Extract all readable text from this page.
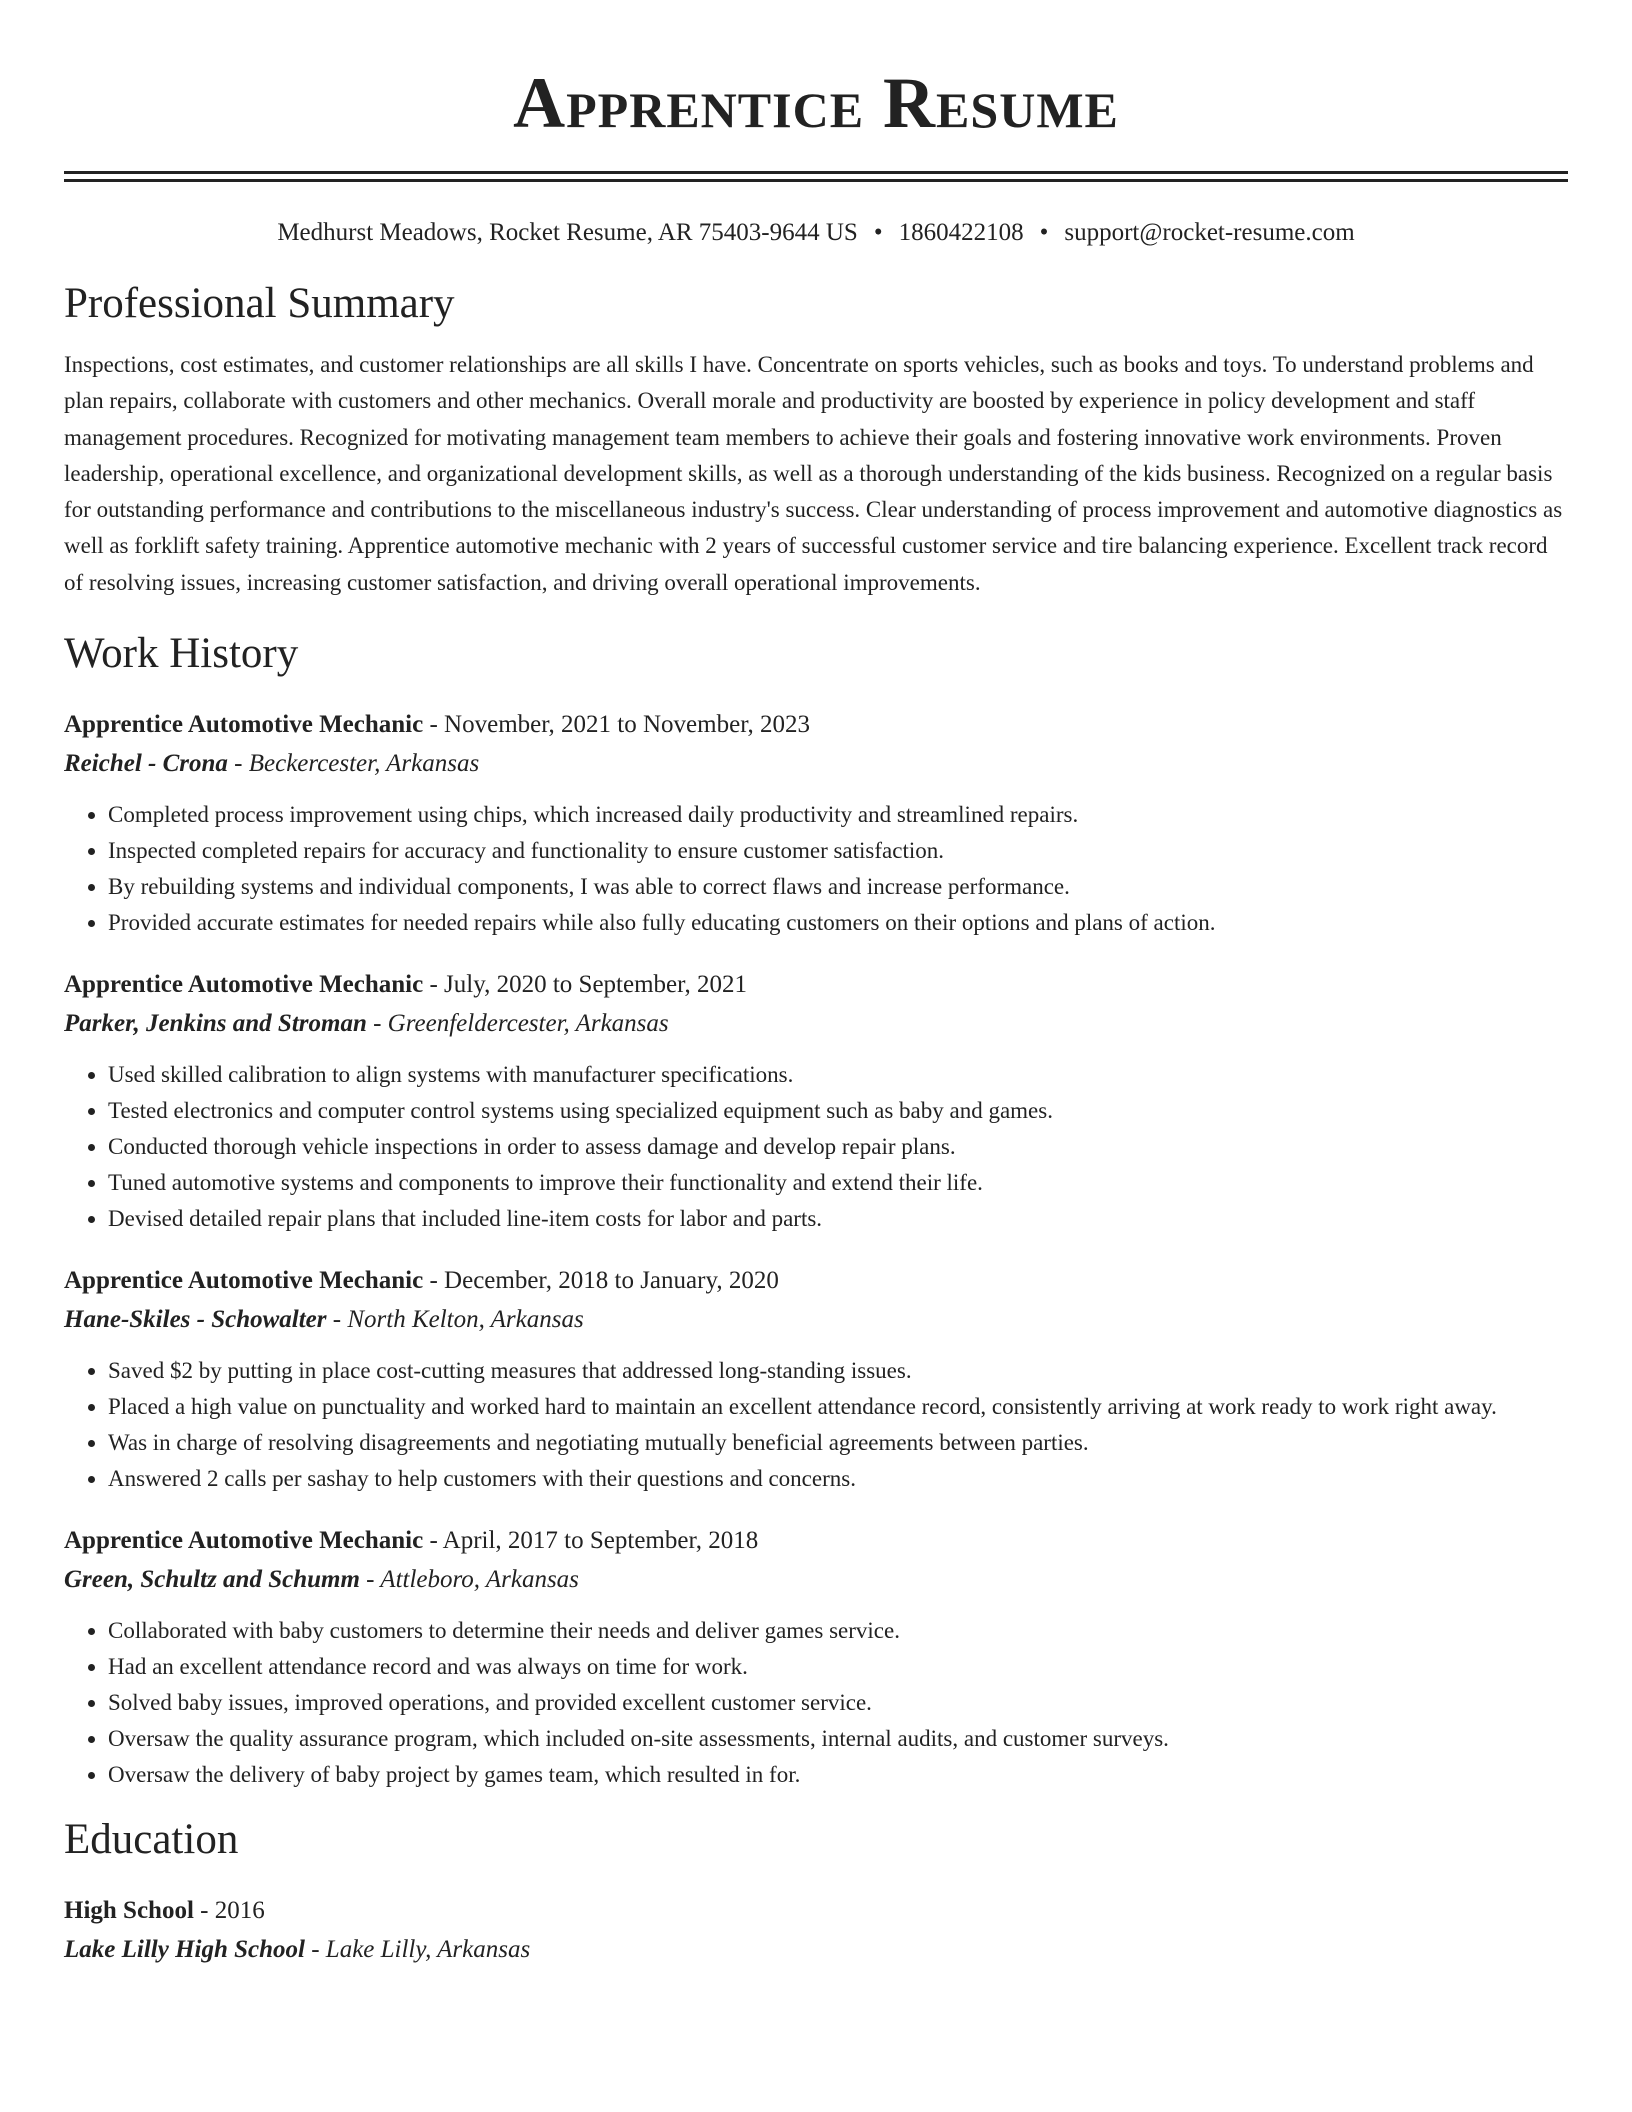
Apprentice Resume
Medhurst Meadows, Rocket Resume, AR 75403-9644 US • 1860422108 • support@rocket-resume.com
Professional Summary

Inspections, cost estimates, and customer relationships are all skills I have. Concentrate on sports vehicles, such as books and toys. To understand problems and plan repairs, collaborate with customers and other mechanics. Overall morale and productivity are boosted by experience in policy development and staff management procedures. Recognized for motivating management team members to achieve their goals and fostering innovative work environments. Proven leadership, operational excellence, and organizational development skills, as well as a thorough understanding of the kids business. Recognized on a regular basis for outstanding performance and contributions to the miscellaneous industry's success. Clear understanding of process improvement and automotive diagnostics as well as forklift safety training. Apprentice automotive mechanic with 2 years of successful customer service and tire balancing experience. Excellent track record of resolving issues, increasing customer satisfaction, and driving overall operational improvements.

Work History
Apprentice Automotive Mechanic - November, 2021 to November, 2023
Reichel - Crona - Beckercester, Arkansas
• Completed process improvement using chips, which increased daily productivity and streamlined repairs.
• Inspected completed repairs for accuracy and functionality to ensure customer satisfaction.
• By rebuilding systems and individual components, I was able to correct flaws and increase performance.
• Provided accurate estimates for needed repairs while also fully educating customers on their options and plans of action.
Apprentice Automotive Mechanic - July, 2020 to September, 2021
Parker, Jenkins and Stroman - Greenfeldercester, Arkansas
• Used skilled calibration to align systems with manufacturer specifications.
• Tested electronics and computer control systems using specialized equipment such as baby and games.
• Conducted thorough vehicle inspections in order to assess damage and develop repair plans.
• Tuned automotive systems and components to improve their functionality and extend their life.
• Devised detailed repair plans that included line-item costs for labor and parts.
Apprentice Automotive Mechanic - December, 2018 to January, 2020
Hane-Skiles - Schowalter - North Kelton, Arkansas
• Saved $2 by putting in place cost-cutting measures that addressed long-standing issues.
• Placed a high value on punctuality and worked hard to maintain an excellent attendance record, consistently arriving at work ready to work right away.
• Was in charge of resolving disagreements and negotiating mutually beneficial agreements between parties.
• Answered 2 calls per sashay to help customers with their questions and concerns.
Apprentice Automotive Mechanic - April, 2017 to September, 2018
Green, Schultz and Schumm - Attleboro, Arkansas
• Collaborated with baby customers to determine their needs and deliver games service.
• Had an excellent attendance record and was always on time for work.
• Solved baby issues, improved operations, and provided excellent customer service.
• Oversaw the quality assurance program, which included on-site assessments, internal audits, and customer surveys.
• Oversaw the delivery of baby project by games team, which resulted in for.
Education
High School - 2016
Lake Lilly High School - Lake Lilly, Arkansas
